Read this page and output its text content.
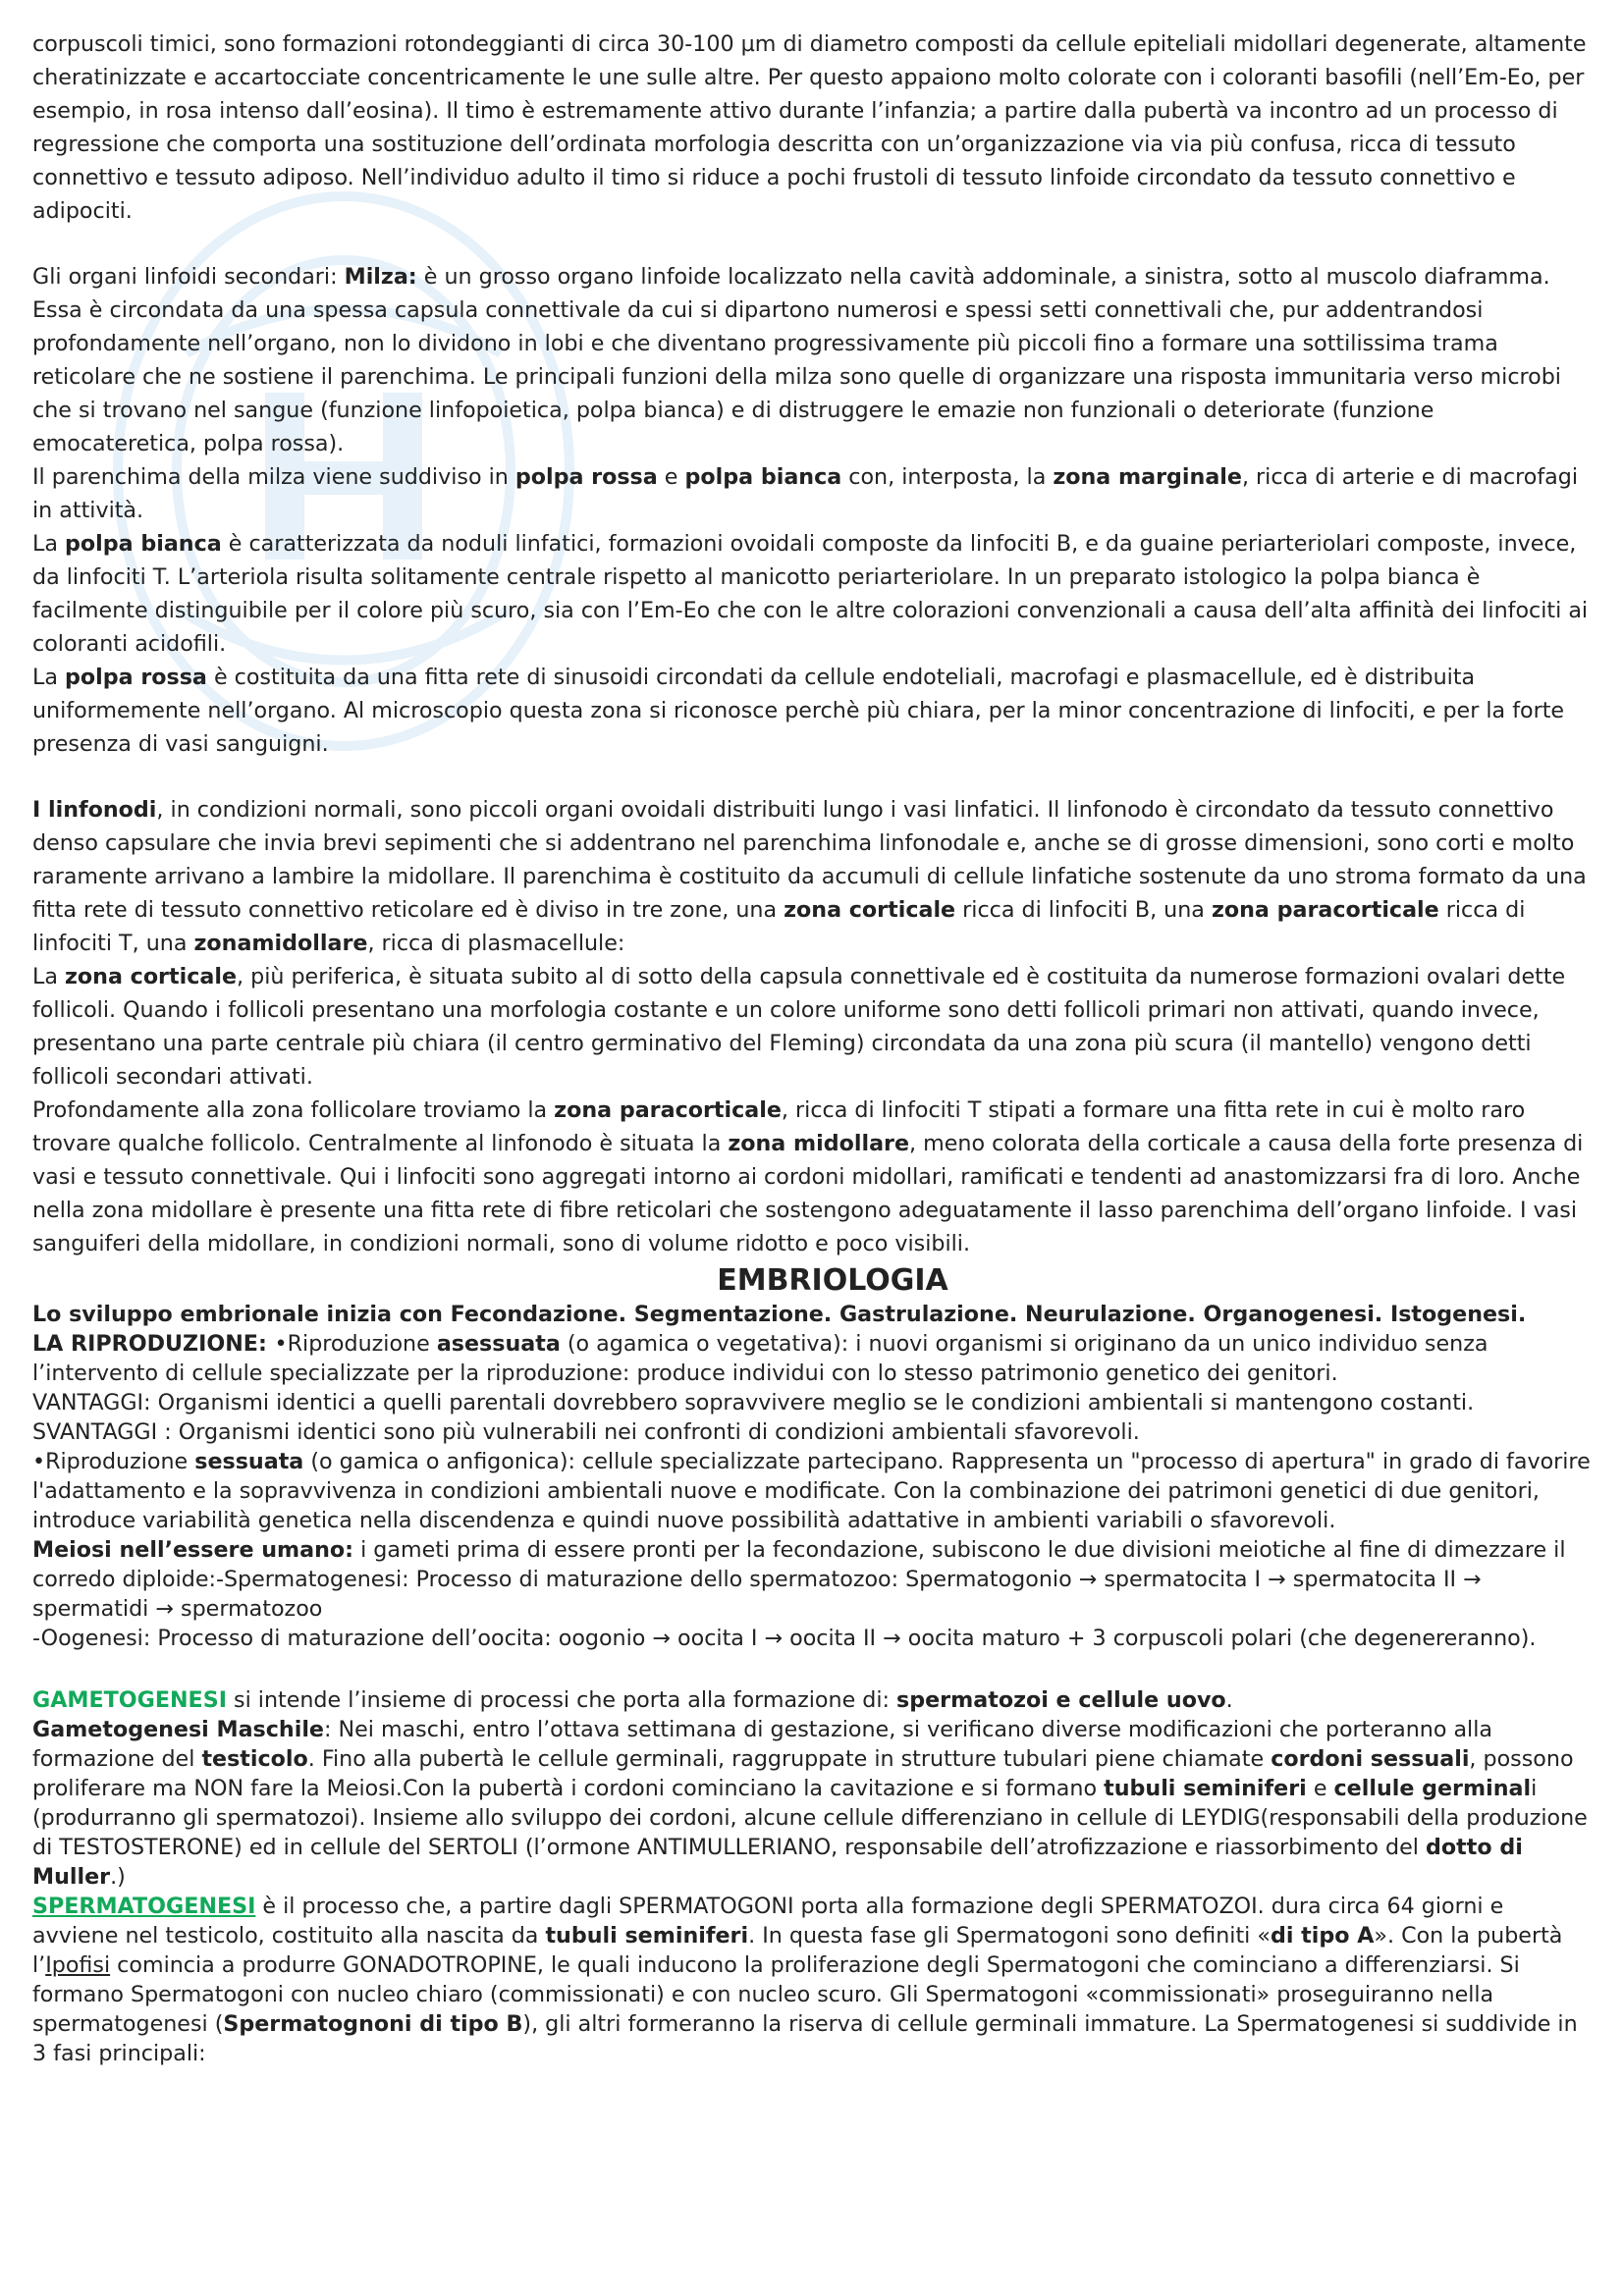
corpuscoli timici, sono formazioni rotondeggianti di circa 30-100 µm di diametro composti da cellule epiteliali midollari degenerate, altamente cheratinizzate e accartocciate concentricamente le une sulle altre. Per questo appaiono molto colorate con i coloranti basofili (nell’Em-Eo, per esempio, in rosa intenso dall’eosina). Il timo è estremamente attivo durante l’infanzia; a partire dalla pubertà va incontro ad un processo di regressione che comporta una sostituzione dell’ordinata morfologia descritta con un’organizzazione via via più confusa, ricca di tessuto connettivo e tessuto adiposo. Nell’individuo adulto il timo si riduce a pochi frustoli di tessuto linfoide circondato da tessuto connettivo e adipociti.

Gli organi linfoidi secondari: Milza: è un grosso organo linfoide localizzato nella cavità addominale, a sinistra, sotto al muscolo diaframma. Essa è circondata da una spessa capsula connettivale da cui si dipartono numerosi e spessi setti connettivali che, pur addentrandosi profondamente nell’organo, non lo dividono in lobi e che diventano progressivamente più piccoli fino a formare una sottilissima trama reticolare che ne sostiene il parenchima. Le principali funzioni della milza sono quelle di organizzare una risposta immunitaria verso microbi che si trovano nel sangue (funzione linfopoietica, polpa bianca) e di distruggere le emazie non funzionali o deteriorate (funzione emocateretica, polpa rossa).

Il parenchima della milza viene suddiviso in polpa rossa e polpa bianca con, interposta, la zona marginale, ricca di arterie e di macrofagi in attività.

La polpa bianca è caratterizzata da noduli linfatici, formazioni ovoidali composte da linfociti B, e da guaine periarteriolari composte, invece, da linfociti T. L’arteriola risulta solitamente centrale rispetto al manicotto periarteriolare. In un preparato istologico la polpa bianca è facilmente distinguibile per il colore più scuro, sia con l’Em-Eo che con le altre colorazioni convenzionali a causa dell’alta affinità dei linfociti ai coloranti acidofili.

La polpa rossa è costituita da una fitta rete di sinusoidi circondati da cellule endoteliali, macrofagi e plasmacellule, ed è distribuita uniformemente nell’organo. Al microscopio questa zona si riconosce perchè più chiara, per la minor concentrazione di linfociti, e per la forte presenza di vasi sanguigni.

I linfonodi, in condizioni normali, sono piccoli organi ovoidali distribuiti lungo i vasi linfatici. Il linfonodo è circondato da tessuto connettivo denso capsulare che invia brevi sepimenti che si addentrano nel parenchima linfonodale e, anche se di grosse dimensioni, sono corti e molto raramente arrivano a lambire la midollare. Il parenchima è costituito da accumuli di cellule linfatiche sostenute da uno stroma formato da una fitta rete di tessuto connettivo reticolare ed è diviso in tre zone, una zona corticale ricca di linfociti B, una zona paracorticale ricca di linfociti T, una zonamidollare, ricca di plasmacellule:

La zona corticale, più periferica, è situata subito al di sotto della capsula connettivale ed è costituita da numerose formazioni ovalari dette follicoli. Quando i follicoli presentano una morfologia costante e un colore uniforme sono detti follicoli primari non attivati, quando invece, presentano una parte centrale più chiara (il centro germinativo del Fleming) circondata da una zona più scura (il mantello) vengono detti follicoli secondari attivati.

Profondamente alla zona follicolare troviamo la zona paracorticale, ricca di linfociti T stipati a formare una fitta rete in cui è molto raro trovare qualche follicolo. Centralmente al linfonodo è situata la zona midollare, meno colorata della corticale a causa della forte presenza di vasi e tessuto connettivale. Qui i linfociti sono aggregati intorno ai cordoni midollari, ramificati e tendenti ad anastomizzarsi fra di loro. Anche nella zona midollare è presente una fitta rete di fibre reticolari che sostengono adeguatamente il lasso parenchima dell’organo linfoide. I vasi sanguiferi della midollare, in condizioni normali, sono di volume ridotto e poco visibili.

EMBRIOLOGIA

Lo sviluppo embrionale inizia con Fecondazione. Segmentazione. Gastrulazione. Neurulazione. Organogenesi. Istogenesi.

LA RIPRODUZIONE: •Riproduzione asessuata (o agamica o vegetativa): i nuovi organismi si originano da un unico individuo senza l’intervento di cellule specializzate per la riproduzione: produce individui con lo stesso patrimonio genetico dei genitori.

VANTAGGI: Organismi identici a quelli parentali dovrebbero sopravvivere meglio se le condizioni ambientali si mantengono costanti.

SVANTAGGI : Organismi identici sono più vulnerabili nei confronti di condizioni ambientali sfavorevoli.

•Riproduzione sessuata (o gamica o anfigonica): cellule specializzate partecipano. Rappresenta un "processo di apertura" in grado di favorire l'adattamento e la sopravvivenza in condizioni ambientali nuove e modificate. Con la combinazione dei patrimoni genetici di due genitori, introduce variabilità genetica nella discendenza e quindi nuove possibilità adattative in ambienti variabili o sfavorevoli.

Meiosi nell’essere umano: i gameti prima di essere pronti per la fecondazione, subiscono le due divisioni meiotiche al fine di dimezzare il corredo diploide:-Spermatogenesi: Processo di maturazione dello spermatozoo: Spermatogonio → spermatocita I → spermatocita II → spermatidi → spermatozoo

-Oogenesi: Processo di maturazione dell’oocita: oogonio → oocita I → oocita II → oocita maturo + 3 corpuscoli polari (che degenereranno).

GAMETOGENESI si intende l’insieme di processi che porta alla formazione di: spermatozoi e cellule uovo.

Gametogenesi Maschile: Nei maschi, entro l’ottava settimana di gestazione, si verificano diverse modificazioni che porteranno alla formazione del testicolo. Fino alla pubertà le cellule germinali, raggruppate in strutture tubulari piene chiamate cordoni sessuali, possono proliferare ma NON fare la Meiosi.Con la pubertà i cordoni cominciano la cavitazione e si formano tubuli seminiferi e cellule germinali (produrranno gli spermatozoi). Insieme allo sviluppo dei cordoni, alcune cellule differenziano in cellule di LEYDIG(responsabili della produzione di TESTOSTERONE) ed in cellule del SERTOLI (l’ormone ANTIMULLERIANO, responsabile dell’atrofizzazione e riassorbimento del dotto di Muller.)

SPERMATOGENESI è il processo che, a partire dagli SPERMATOGONI porta alla formazione degli SPERMATOZOI. dura circa 64 giorni e avviene nel testicolo, costituito alla nascita da tubuli seminiferi. In questa fase gli Spermatogoni sono definiti «di tipo A». Con la pubertà l’Ipofisi comincia a produrre GONADOTROPINE, le quali inducono la proliferazione degli Spermatogoni che cominciano a differenziarsi. Si formano Spermatogoni con nucleo chiaro (commissionati) e con nucleo scuro. Gli Spermatogoni «commissionati» proseguiranno nella spermatogenesi (Spermatognoni di tipo B), gli altri formeranno la riserva di cellule germinali immature. La Spermatogenesi si suddivide in 3 fasi principali:
